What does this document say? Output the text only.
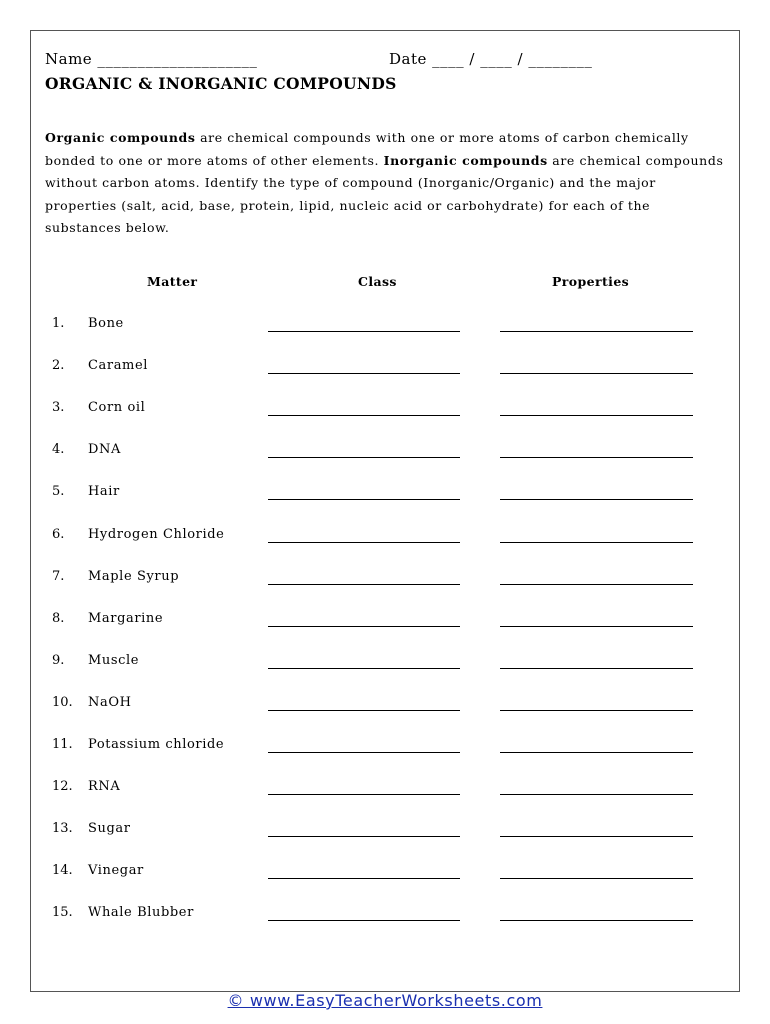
Name ____________________	Date ____ / ____ / ________
ORGANIC & INORGANIC COMPOUNDS

Organic compounds are chemical compounds with one or more atoms of carbon chemically bonded to one or more atoms of other elements. Inorganic compounds are chemical compounds without carbon atoms. Identify the type of compound (Inorganic/Organic) and the major properties (salt, acid, base, protein, lipid, nucleic acid or carbohydrate) for each of the substances below.

Matter	Class	Properties
1. Bone
2. Caramel
3. Corn oil
4. DNA
5. Hair
6. Hydrogen Chloride
7. Maple Syrup
8. Margarine
9. Muscle
10. NaOH
11. Potassium chloride
12. RNA
13. Sugar
14. Vinegar
15. Whale Blubber
© www.EasyTeacherWorksheets.com
